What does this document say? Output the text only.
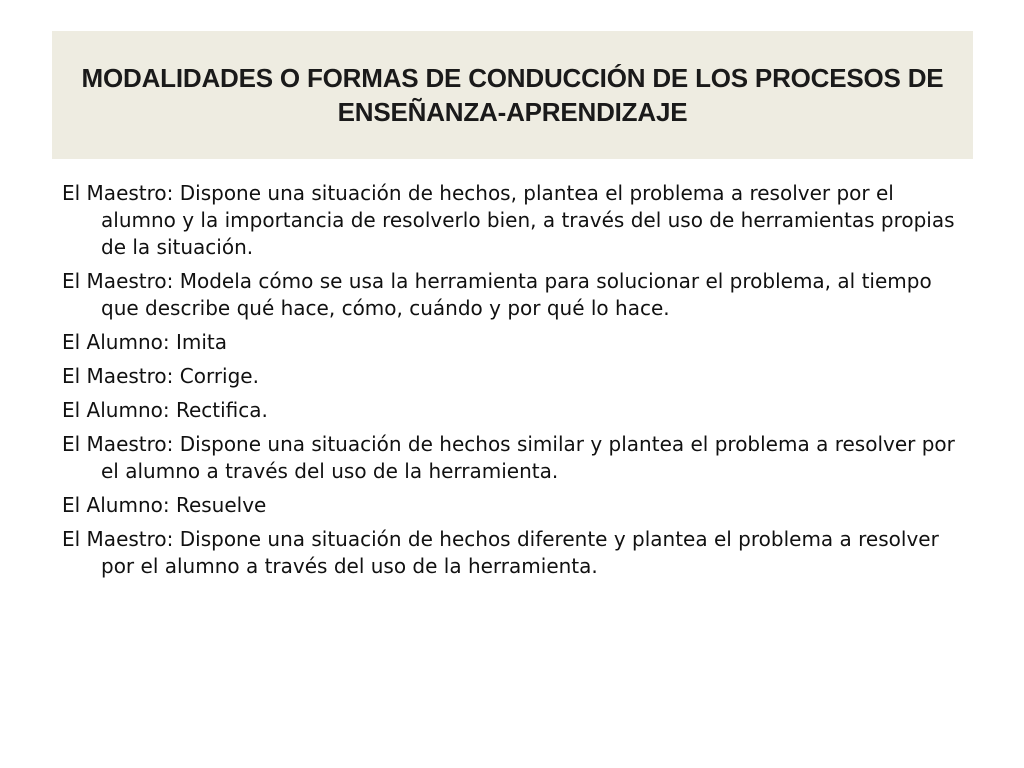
MODALIDADES O FORMAS DE CONDUCCIÓN DE LOS PROCESOS DE ENSEÑANZA-APRENDIZAJE

El Maestro: Dispone una situación de hechos, plantea el problema a resolver por el alumno y la importancia de resolverlo bien, a través del uso de herramientas propias de la situación.

El Maestro: Modela cómo se usa la herramienta para solucionar el problema, al tiempo que describe qué hace, cómo, cuándo y por qué lo hace.

El Alumno: Imita

El Maestro: Corrige.

El Alumno: Rectifica.

El Maestro: Dispone una situación de hechos similar y plantea el problema a resolver por el alumno a través del uso de la herramienta.

El Alumno: Resuelve

El Maestro: Dispone una situación de hechos diferente y plantea el problema a resolver por el alumno a través del uso de la herramienta.
